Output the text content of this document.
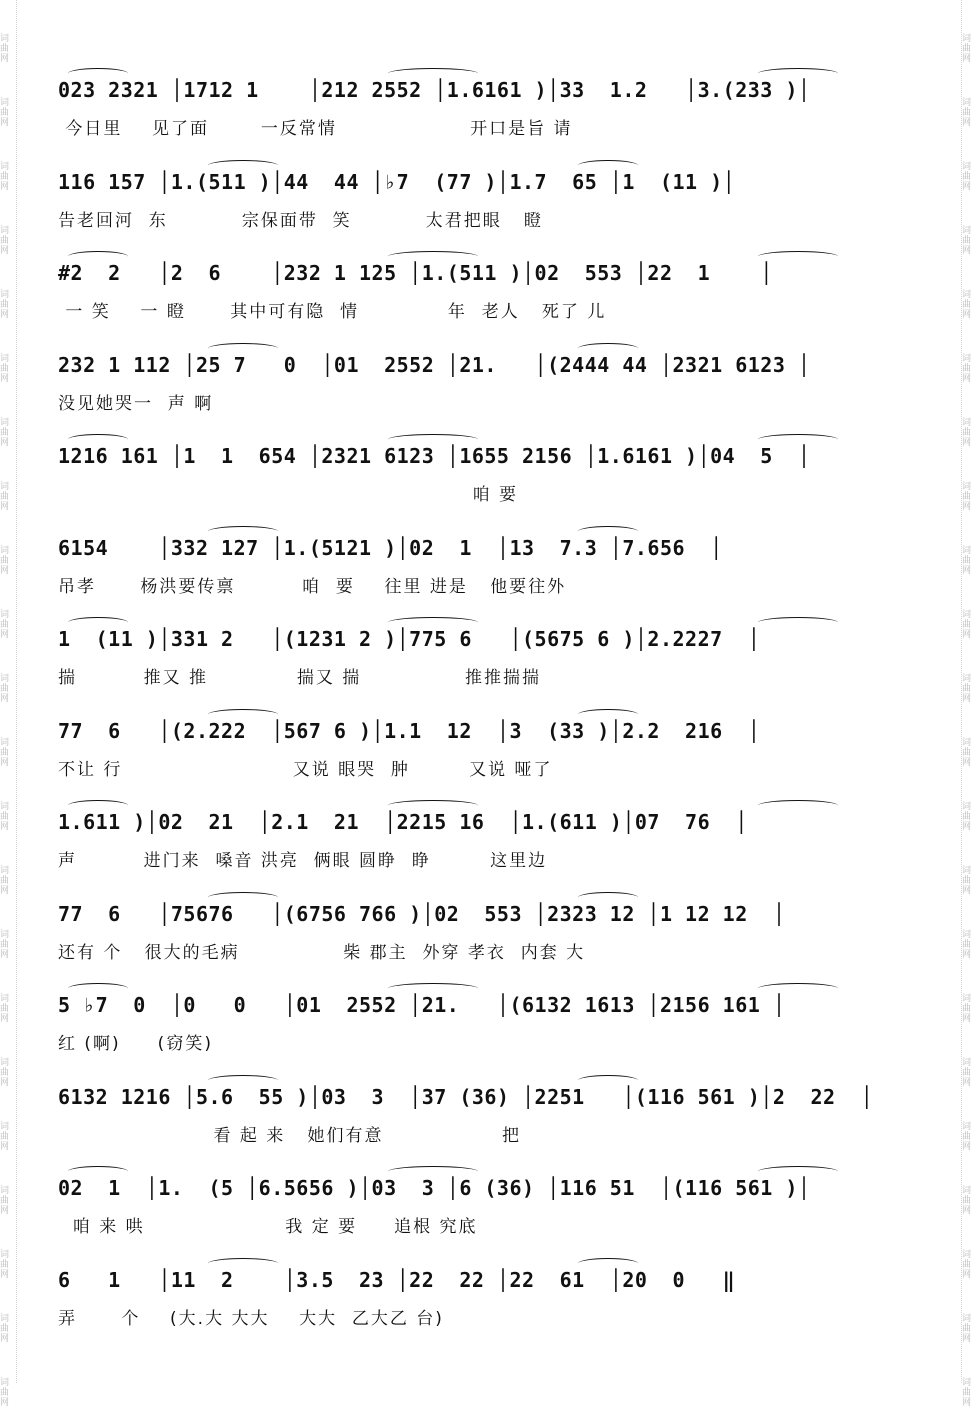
词曲网
词曲网
词曲网
词曲网
词曲网
词曲网
词曲网
词曲网
词曲网
词曲网
词曲网
词曲网
词曲网
词曲网
词曲网
词曲网
词曲网
词曲网
词曲网
词曲网
词曲网
词曲网
词曲网
词曲网
词曲网
词曲网
词曲网
词曲网
词曲网
词曲网
词曲网
词曲网
词曲网
词曲网
词曲网
词曲网
词曲网
词曲网
词曲网
词曲网
词曲网
词曲网
词曲网
词曲网
023 2321 │1712 1    │212 2552 │1.6161 )│33  1.2   │3.(233 )│
今日里    见了面       一反常情                  开口是旨 请
116 157 │1.(511 )│44  44 │♭7  (77 )│1.7  65 │1  (11 )│
告老回河  东          宗保面带  笑          太君把眼   瞪
#2  2   │2  6    │232 1 125 │1.(511 )│02  553 │22  1    │
一 笑    一 瞪      其中可有隐  情            年  老人   死了 儿
232 1 112 │25 7   0  │01  2552 │21.   │(2444 44 │2321 6123 │
没见她哭一  声 啊
1216 161 │1  1  654 │2321 6123 │1655 2156 │1.6161 )│04  5  │
咱 要
6154    │332 127 │1.(5121 )│02  1  │13  7.3 │7.656  │
吊孝      杨洪要传禀         咱  要    往里 进是   他要往外
1  (11 )│331 2   │(1231 2 )│775 6   │(5675 6 )│2.2227  │
揣         推又 推            揣又 揣              推推揣揣
77  6   │(2.222  │567 6 )│1.1  12  │3  (33 )│2.2  216  │
不让 行                       又说 眼哭  肿        又说 哑了
1.611 )│02  21  │2.1  21  │2215 16  │1.(611 )│07  76  │
声         进门来  嗓音 洪亮  俩眼 圆睁  睁        这里边
77  6   │75676   │(6756 766 )│02  553 │2323 12 │1 12 12  │
还有 个   很大的毛病              柴 郡主  外穿 孝衣  内套 大
5 ♭7  0  │0   0   │01  2552 │21.   │(6132 1613 │2156 161 │
红 (啊)     (窃笑)
6132 1216 │5.6  55 )│03  3  │37 (36) │2251   │(116 561 )│2  22  │
看 起 来   她们有意                把
02  1  │1.  (5 │6.5656 )│03  3 │6 (36) │116 51  │(116 561 )│
咱 来 哄                   我 定 要     追根 究底
6   1   │11  2    │3.5  23 │22  22 │22  61  │20  0   ‖
弄      个    (大.大 大大    大大  乙大乙 台)
